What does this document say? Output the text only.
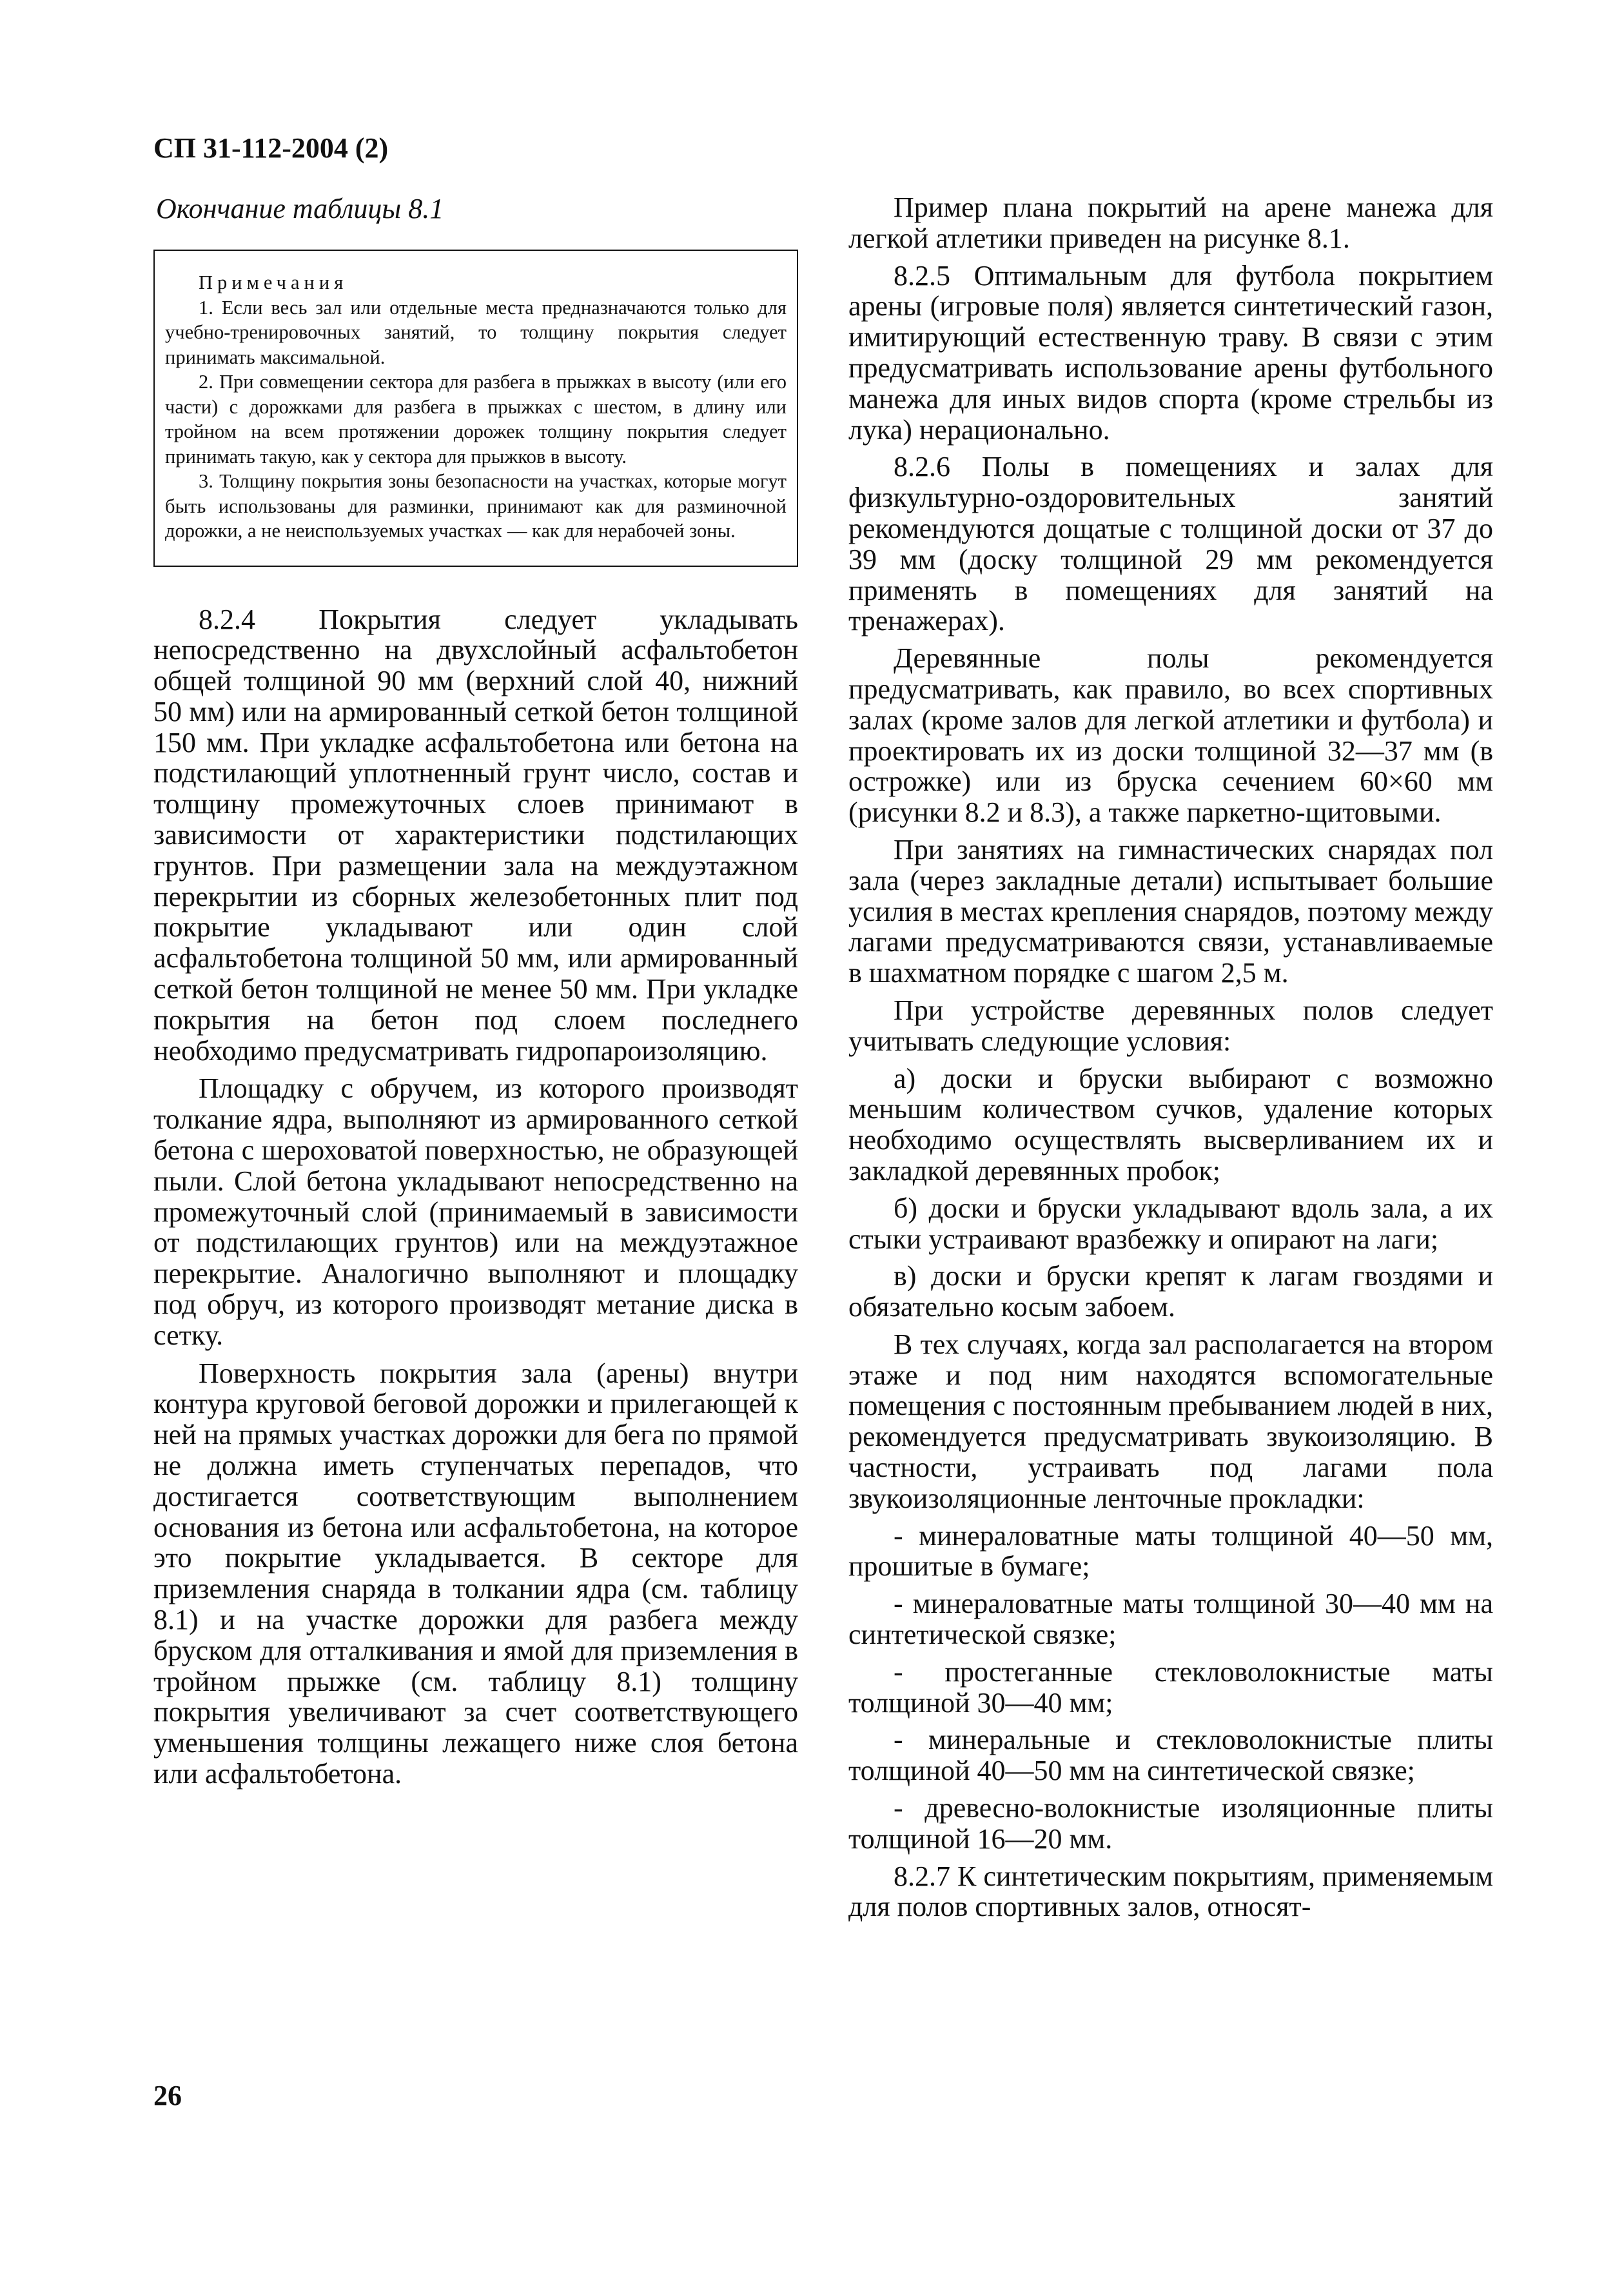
СП 31-112-2004 (2)

Окончание таблицы 8.1

Примечания

1. Если весь зал или отдельные места предназначаются только для учебно-тренировочных занятий, то толщину покрытия следует принимать максимальной.

2. При совмещении сектора для разбега в прыжках в высоту (или его части) с дорожками для разбега в прыжках с шестом, в длину или тройном на всем протяжении дорожек толщину покрытия следует принимать такую, как у сектора для прыжков в высоту.

3. Толщину покрытия зоны безопасности на участках, которые могут быть использованы для разминки, принимают как для разминочной дорожки, а не неиспользуемых участках — как для нерабочей зоны.

8.2.4 Покрытия следует укладывать непосредственно на двухслойный асфальтобетон общей толщиной 90 мм (верхний слой 40, нижний 50 мм) или на армированный сеткой бетон толщиной 150 мм. При укладке асфальтобетона или бетона на подстилающий уплотненный грунт число, состав и толщину промежуточных слоев принимают в зависимости от характеристики подстилающих грунтов. При размещении зала на междуэтажном перекрытии из сборных железобетонных плит под покрытие укладывают или один слой асфальтобетона толщиной 50 мм, или армированный сеткой бетон толщиной не менее 50 мм. При укладке покрытия на бетон под слоем последнего необходимо предусматривать гидропароизоляцию.

Площадку с обручем, из которого производят толкание ядра, выполняют из армированного сеткой бетона с шероховатой поверхностью, не образующей пыли. Слой бетона укладывают непосредственно на промежуточный слой (принимаемый в зависимости от подстилающих грунтов) или на междуэтажное перекрытие. Аналогично выполняют и площадку под обруч, из которого производят метание диска в сетку.

Поверхность покрытия зала (арены) внутри контура круговой беговой дорожки и прилегающей к ней на прямых участках дорожки для бега по прямой не должна иметь ступенчатых перепадов, что достигается соответствующим выполнением основания из бетона или асфальтобетона, на которое это покрытие укладывается. В секторе для приземления снаряда в толкании ядра (см. таблицу 8.1) и на участке дорожки для разбега между бруском для отталкивания и ямой для приземления в тройном прыжке (см. таблицу 8.1) толщину покрытия увеличивают за счет соответствующего уменьшения толщины лежащего ниже слоя бетона или асфальтобетона.

Пример плана покрытий на арене манежа для легкой атлетики приведен на рисунке 8.1.

8.2.5 Оптимальным для футбола покрытием арены (игровые поля) является синтетический газон, имитирующий естественную траву. В связи с этим предусматривать использование арены футбольного манежа для иных видов спорта (кроме стрельбы из лука) нерационально.

8.2.6 Полы в помещениях и залах для физкультурно-оздоровительных занятий рекомендуются дощатые с толщиной доски от 37 до 39 мм (доску толщиной 29 мм рекомендуется применять в помещениях для занятий на тренажерах).

Деревянные полы рекомендуется предусматривать, как правило, во всех спортивных залах (кроме залов для легкой атлетики и футбола) и проектировать их из доски толщиной 32—37 мм (в острожке) или из бруска сечением 60×60 мм (рисунки 8.2 и 8.3), а также паркетно-щитовыми.

При занятиях на гимнастических снарядах пол зала (через закладные детали) испытывает большие усилия в местах крепления снарядов, поэтому между лагами предусматриваются связи, устанавливаемые в шахматном порядке с шагом 2,5 м.

При устройстве деревянных полов следует учитывать следующие условия:

а) доски и бруски выбирают с возможно меньшим количеством сучков, удаление которых необходимо осуществлять высверливанием их и закладкой деревянных пробок;

б) доски и бруски укладывают вдоль зала, а их стыки устраивают вразбежку и опирают на лаги;

в) доски и бруски крепят к лагам гвоздями и обязательно косым забоем.

В тех случаях, когда зал располагается на втором этаже и под ним находятся вспомогательные помещения с постоянным пребыванием людей в них, рекомендуется предусматривать звукоизоляцию. В частности, устраивать под лагами пола звукоизоляционные ленточные прокладки:

- минераловатные маты толщиной 40—50 мм, прошитые в бумаге;

- минераловатные маты толщиной 30—40 мм на синтетической связке;

- простеганные стекловолокнистые маты толщиной 30—40 мм;

- минеральные и стекловолокнистые плиты толщиной 40—50 мм на синтетической связке;

- древесно-волокнистые изоляционные плиты толщиной 16—20 мм.

8.2.7 К синтетическим покрытиям, применяемым для полов спортивных залов, относят-

26
